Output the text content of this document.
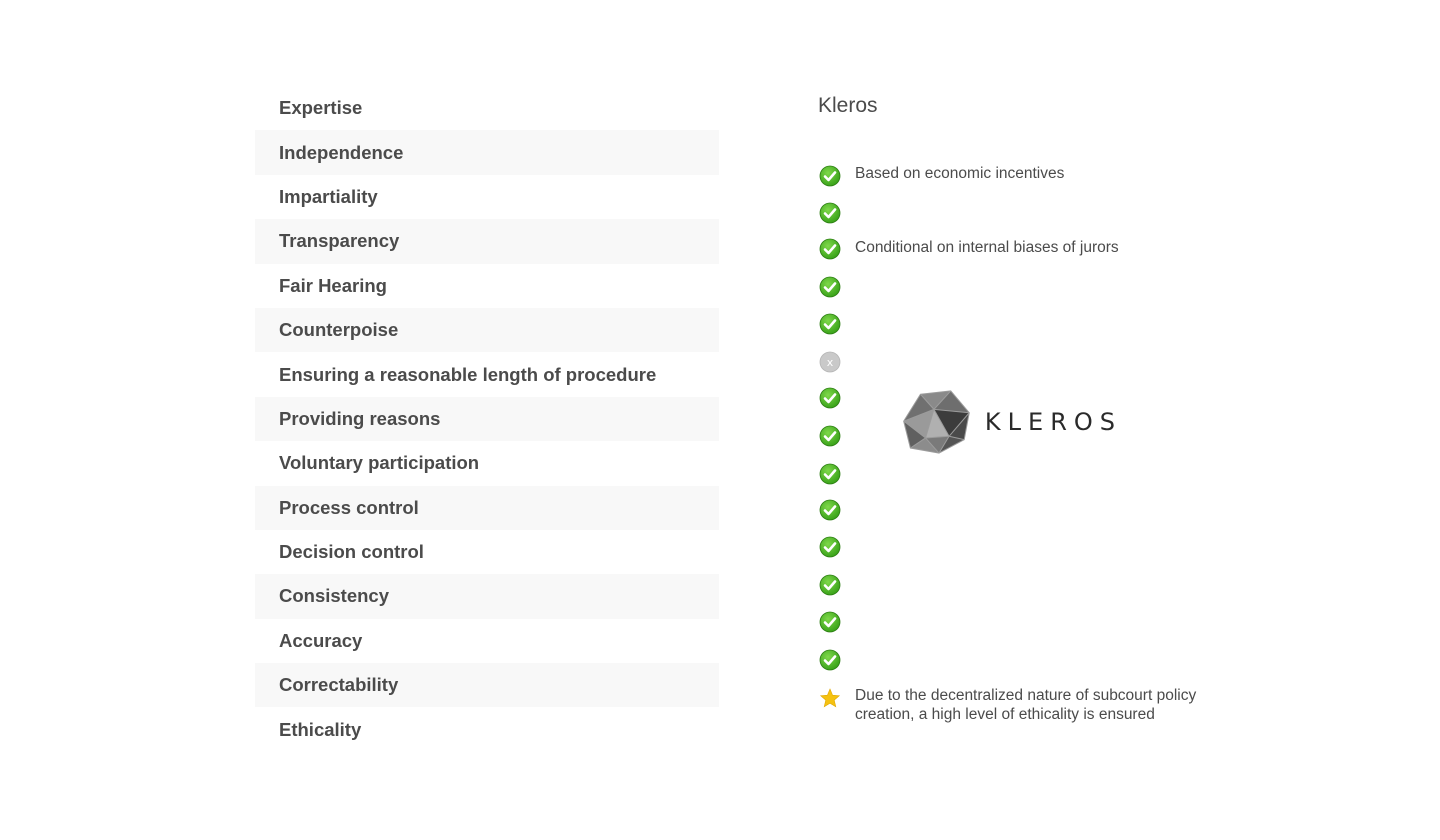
Expertise
Independence
Impartiality
Transparency
Fair Hearing
Counterpoise
Ensuring a reasonable length of procedure
Providing reasons
Voluntary participation
Process control
Decision control
Consistency
Accuracy
Correctability
Ethicality
Kleros
x
Based on economic incentives
Conditional on internal biases of jurors
Due to the decentralized nature of subcourt policy creation, a high level of ethicality is ensured
KLEROS
